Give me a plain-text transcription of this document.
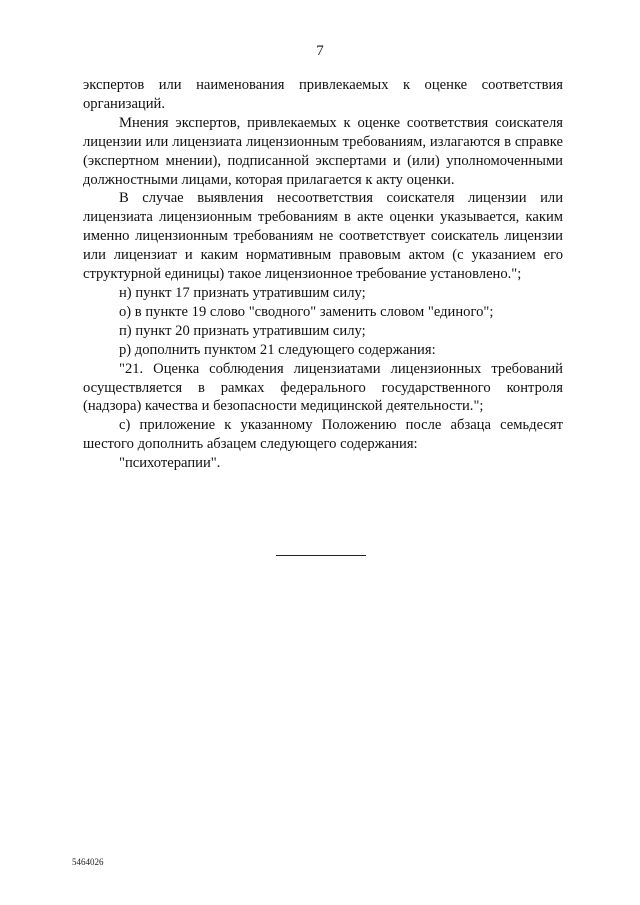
7

экспертов или наименования привлекаемых к оценке соответствия организаций.

Мнения экспертов, привлекаемых к оценке соответствия соискателя лицензии или лицензиата лицензионным требованиям, излагаются в справке (экспертном мнении), подписанной экспертами и (или) уполномоченными должностными лицами, которая прилагается к акту оценки.

В случае выявления несоответствия соискателя лицензии или лицензиата лицензионным требованиям в акте оценки указывается, каким именно лицензионным требованиям не соответствует соискатель лицензии или лицензиат и каким нормативным правовым актом (с указанием его структурной единицы) такое лицензионное требование установлено.";

н) пункт 17 признать утратившим силу;

о) в пункте 19 слово "сводного" заменить словом "единого";

п) пункт 20 признать утратившим силу;

р) дополнить пунктом 21 следующего содержания:

"21. Оценка соблюдения лицензиатами лицензионных требований осуществляется в рамках федерального государственного контроля (надзора) качества и безопасности медицинской деятельности.";

с) приложение к указанному Положению после абзаца семьдесят шестого дополнить абзацем следующего содержания:

"психотерапии".

5464026
